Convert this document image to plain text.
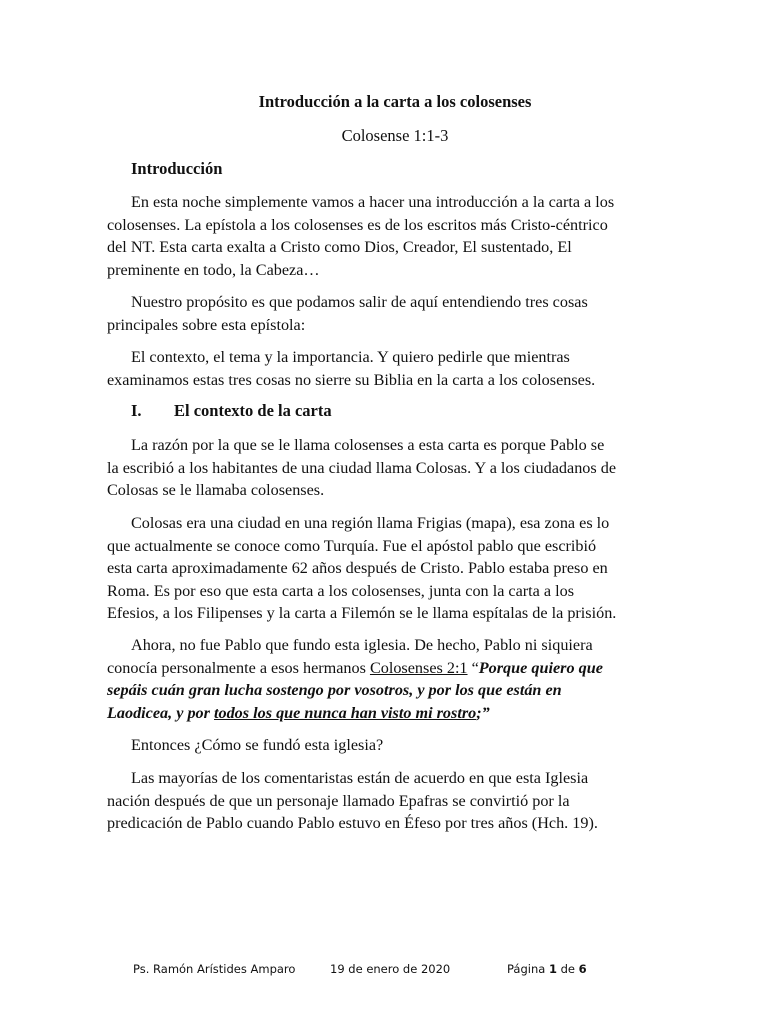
Introducción a la carta a los colosenses
Colosense 1:1-3
Introducción
En esta noche simplemente vamos a hacer una introducción a la carta a los
colosenses. La epístola a los colosenses es de los escritos más Cristo-céntrico
del NT. Esta carta exalta a Cristo como Dios, Creador, El sustentado, El
preminente en todo, la Cabeza…
Nuestro propósito es que podamos salir de aquí entendiendo tres cosas
principales sobre esta epístola:
El contexto, el tema y la importancia. Y quiero pedirle que mientras
examinamos estas tres cosas no sierre su Biblia en la carta a los colosenses.
I. El contexto de la carta
La razón por la que se le llama colosenses a esta carta es porque Pablo se
la escribió a los habitantes de una ciudad llama Colosas. Y a los ciudadanos de
Colosas se le llamaba colosenses.
Colosas era una ciudad en una región llama Frigias (mapa), esa zona es lo
que actualmente se conoce como Turquía. Fue el apóstol pablo que escribió
esta carta aproximadamente 62 años después de Cristo. Pablo estaba preso en
Roma. Es por eso que esta carta a los colosenses, junta con la carta a los
Efesios, a los Filipenses y la carta a Filemón se le llama espítalas de la prisión.
Ahora, no fue Pablo que fundo esta iglesia. De hecho, Pablo ni siquiera
conocía personalmente a esos hermanos Colosenses 2:1 “Porque quiero que
sepáis cuán gran lucha sostengo por vosotros, y por los que están en
Laodicea, y por todos los que nunca han visto mi rostro;”
Entonces ¿Cómo se fundó esta iglesia?
Las mayorías de los comentaristas están de acuerdo en que esta Iglesia
nación después de que un personaje llamado Epafras se convirtió por la
predicación de Pablo cuando Pablo estuvo en Éfeso por tres años (Hch. 19).
Ps. Ramón Arístides Amparo	19 de enero de 2020	Página 1 de 6
